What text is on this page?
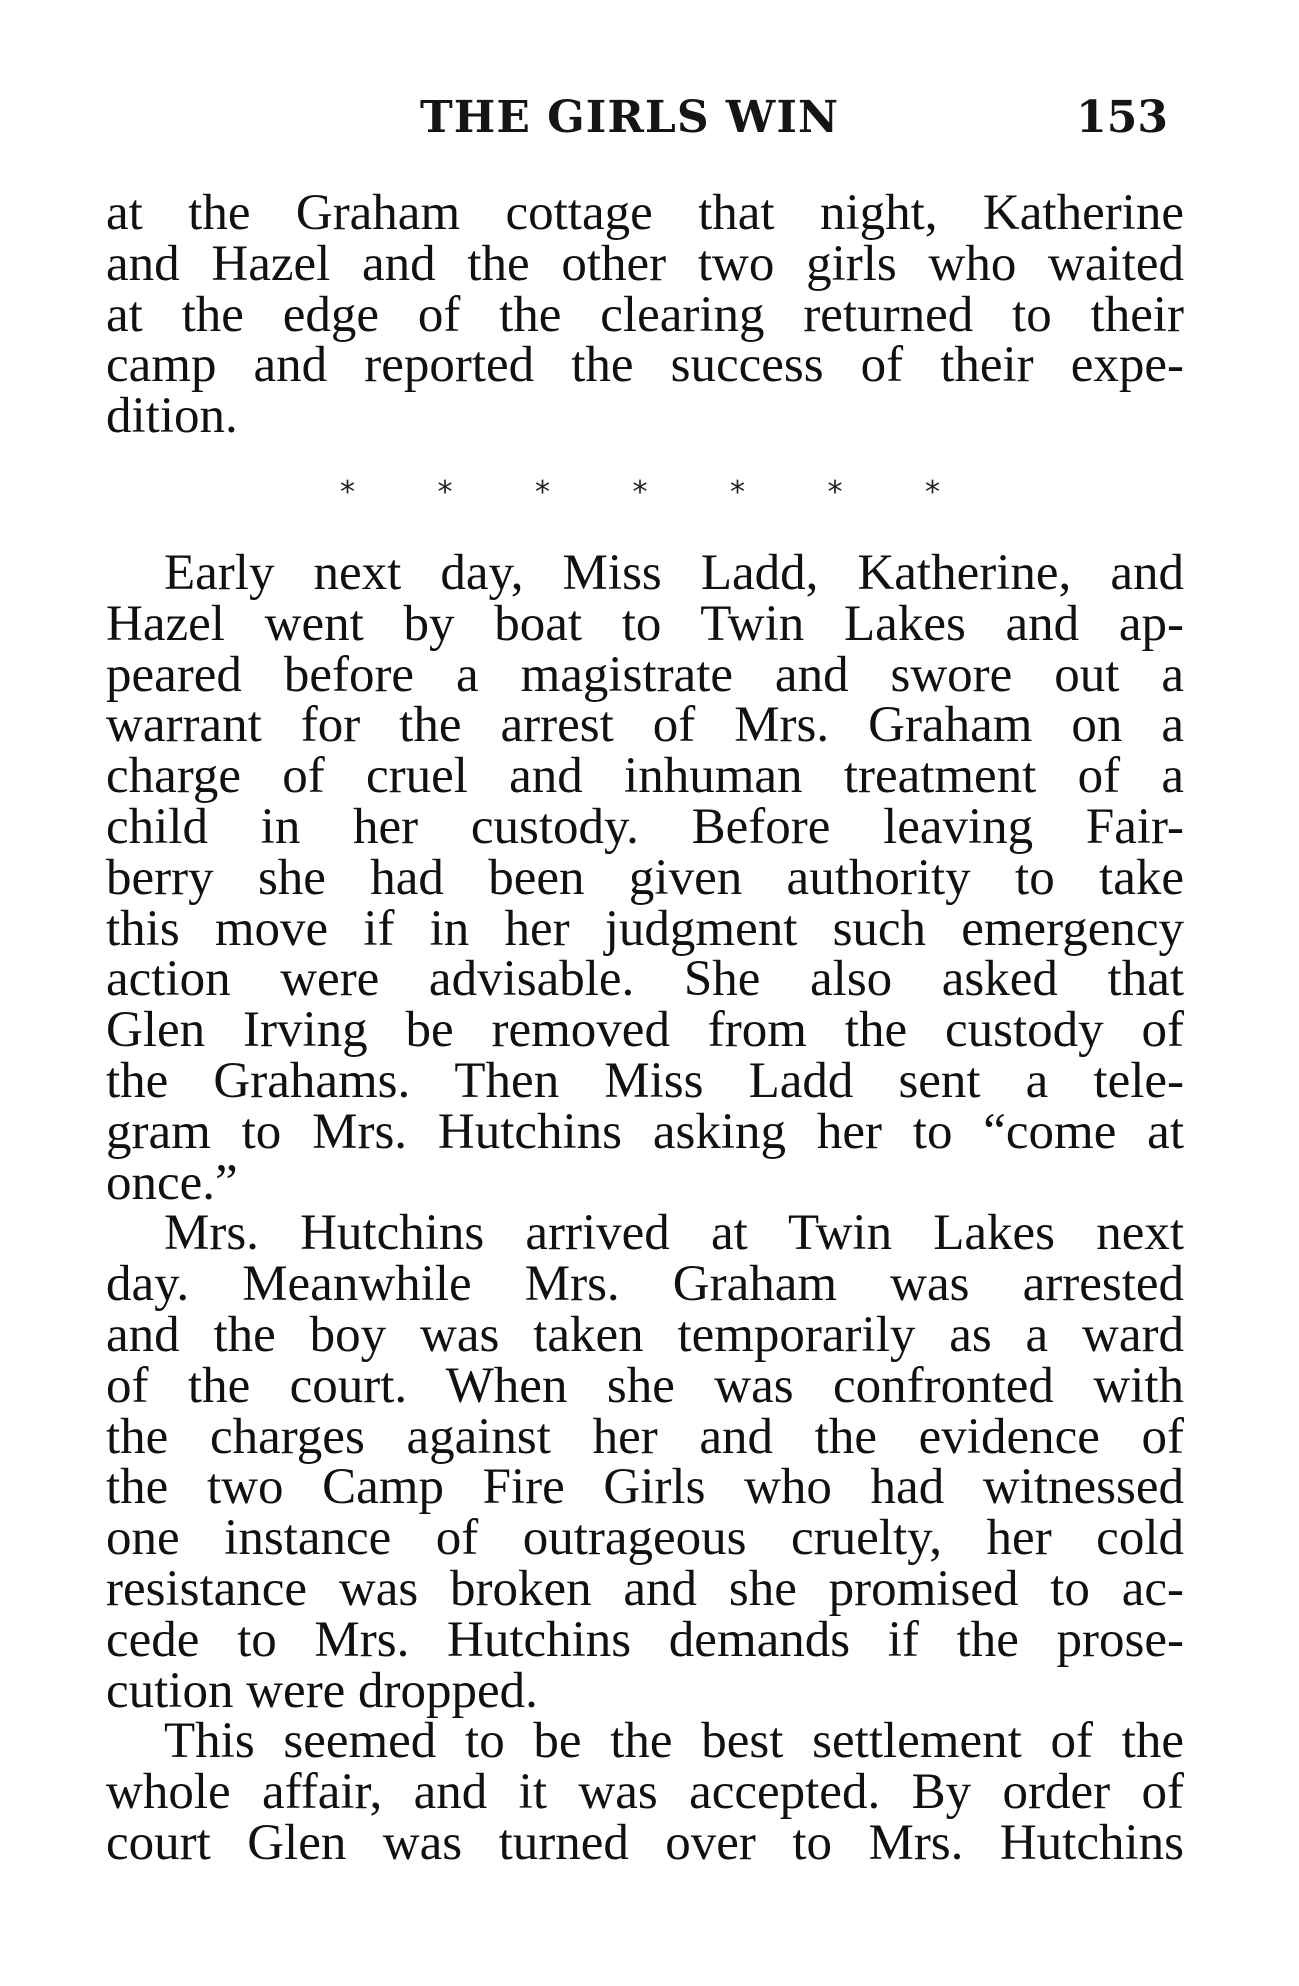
THE GIRLS WIN	153
at the Graham cottage that night, Katherine
and Hazel and the other two girls who waited
at the edge of the clearing returned to their
camp and reported the success of their expe-
dition.
*	*	*	*	*	*	*
Early next day, Miss Ladd, Katherine, and
Hazel went by boat to Twin Lakes and ap-
peared before a magistrate and swore out a
warrant for the arrest of Mrs. Graham on a
charge of cruel and inhuman treatment of a
child in her custody. Before leaving Fair-
berry she had been given authority to take
this move if in her judgment such emergency
action were advisable. She also asked that
Glen Irving be removed from the custody of
the Grahams. Then Miss Ladd sent a tele-
gram to Mrs. Hutchins asking her to “come at
once.”
Mrs. Hutchins arrived at Twin Lakes next
day. Meanwhile Mrs. Graham was arrested
and the boy was taken temporarily as a ward
of the court. When she was confronted with
the charges against her and the evidence of
the two Camp Fire Girls who had witnessed
one instance of outrageous cruelty, her cold
resistance was broken and she promised to ac-
cede to Mrs. Hutchins demands if the prose-
cution were dropped.
This seemed to be the best settlement of the
whole affair, and it was accepted. By order of
court Glen was turned over to Mrs. Hutchins
